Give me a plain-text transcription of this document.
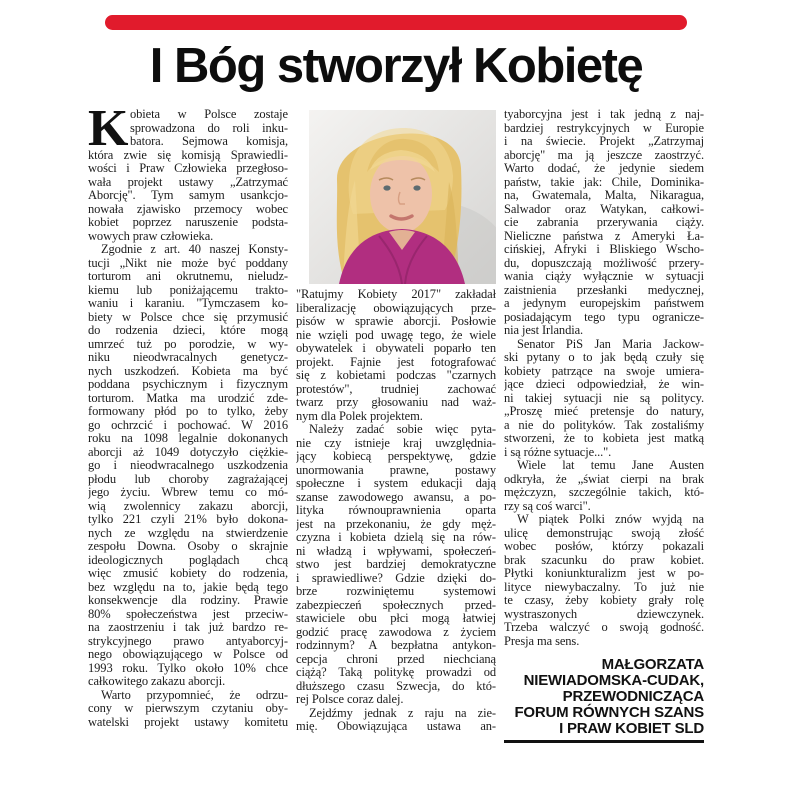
I Bóg stworzył Kobietę
K obieta w Polsce zostaje
sprowadzona do roli inku-
batora. Sejmowa komisja,
która zwie się komisją Sprawiedli-
wości i Praw Człowieka przegłoso-
wała projekt ustawy „Zatrzymać
Aborcję". Tym samym usankcjo-
nowała zjawisko przemocy wobec
kobiet poprzez naruszenie podsta-
wowych praw człowieka.
Zgodnie z art. 40 naszej Konsty-
tucji „Nikt nie może być poddany
torturom ani okrutnemu, nieludz-
kiemu lub poniżającemu trakto-
waniu i karaniu. "Tymczasem ko-
biety w Polsce chce się przymusić
do rodzenia dzieci, które mogą
umrzeć tuż po porodzie, w wy-
niku nieodwracalnych genetycz-
nych uszkodzeń. Kobieta ma być
poddana psychicznym i fizycznym
torturom. Matka ma urodzić zde-
formowany płód po to tylko, żeby
go ochrzcić i pochować. W 2016
roku na 1098 legalnie dokonanych
aborcji aż 1049 dotyczyło ciężkie-
go i nieodwracalnego uszkodzenia
płodu lub choroby zagrażającej
jego życiu. Wbrew temu co mó-
wią zwolennicy zakazu aborcji,
tylko 221 czyli 21% było dokona-
nych ze względu na stwierdzenie
zespołu Downa. Osoby o skrajnie
ideologicznych poglądach chcą
więc zmusić kobiety do rodzenia,
bez względu na to, jakie będą tego
konsekwencje dla rodziny. Prawie
80% społeczeństwa jest przeciw-
na zaostrzeniu i tak już bardzo re-
strykcyjnego prawo antyaborcyj-
nego obowiązującego w Polsce od
1993 roku. Tylko około 10% chce
całkowitego zakazu aborcji.
Warto przypomnieć, że odrzu-
cony w pierwszym czytaniu oby-
watelski projekt ustawy komitetu
"Ratujmy Kobiety 2017" zakładał
liberalizację obowiązujących prze-
pisów w sprawie aborcji. Posłowie
nie wzięli pod uwagę tego, że wiele
obywatelek i obywateli poparło ten
projekt. Fajnie jest fotografować
się z kobietami podczas "czarnych
protestów", trudniej zachować
twarz przy głosowaniu nad waż-
nym dla Polek projektem.
Należy zadać sobie więc pyta-
nie czy istnieje kraj uwzględnia-
jący kobiecą perspektywę, gdzie
unormowania prawne, postawy
społeczne i system edukacji dają
szanse zawodowego awansu, a po-
lityka równouprawnienia oparta
jest na przekonaniu, że gdy męż-
czyzna i kobieta dzielą się na rów-
ni władzą i wpływami, społeczeń-
stwo jest bardziej demokratyczne
i sprawiedliwe? Gdzie dzięki do-
brze rozwiniętemu systemowi
zabezpieczeń społecznych przed-
stawiciele obu płci mogą łatwiej
godzić pracę zawodowa z życiem
rodzinnym? A bezpłatna antykon-
cepcja chroni przed niechcianą
ciążą? Taką politykę prowadzi od
dłuższego czasu Szwecja, do któ-
rej Polsce coraz dalej.
Zejdźmy jednak z raju na zie-
mię. Obowiązująca ustawa an-
tyaborcyjna jest i tak jedną z naj-
bardziej restrykcyjnych w Europie
i na świecie. Projekt „Zatrzymaj
aborcję" ma ją jeszcze zaostrzyć.
Warto dodać, że jedynie siedem
państw, takie jak: Chile, Dominika-
na, Gwatemala, Malta, Nikaragua,
Salwador oraz Watykan, całkowi-
cie zabrania przerywania ciąży.
Nieliczne państwa z Ameryki Ła-
cińskiej, Afryki i Bliskiego Wscho-
du, dopuszczają możliwość przery-
wania ciąży wyłącznie w sytuacji
zaistnienia przesłanki medycznej,
a jedynym europejskim państwem
posiadającym tego typu ogranicze-
nia jest Irlandia.
Senator PiS Jan Maria Jackow-
ski pytany o to jak będą czuły się
kobiety patrzące na swoje umiera-
jące dzieci odpowiedział, że win-
ni takiej sytuacji nie są politycy.
„Proszę mieć pretensje do natury,
a nie do polityków. Tak zostaliśmy
stworzeni, że to kobieta jest matką
i są różne sytuacje...".
Wiele lat temu Jane Austen
odkryła, że „świat cierpi na brak
mężczyzn, szczególnie takich, któ-
rzy są coś warci".
W piątek Polki znów wyjdą na
ulicę demonstrując swoją złość
wobec posłów, którzy pokazali
brak szacunku do praw kobiet.
Płytki koniunkturalizm jest w po-
lityce niewybaczalny. To już nie
te czasy, żeby kobiety grały rolę
wystraszonych dziewczynek.
Trzeba walczyć o swoją godność.
Presja ma sens.
MAŁGORZATA
NIEWIADOMSKA-CUDAK,
PRZEWODNICZĄCA
FORUM RÓWNYCH SZANS
I PRAW KOBIET SLD
